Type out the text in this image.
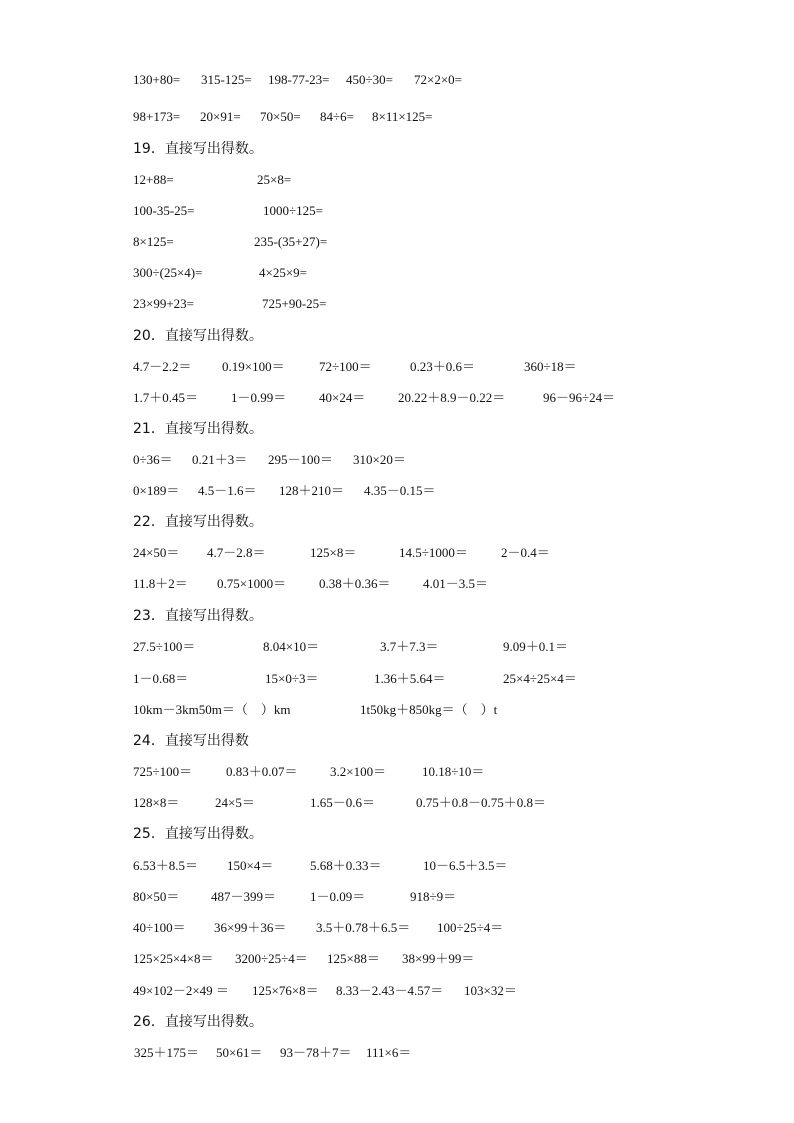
130+80= 315-125= 198-77-23= 450÷30= 72×2×0=
98+173= 20×91= 70×50= 84÷6= 8×11×125=
19．直接写出得数。
12+88=	25×8=
100-35-25=	1000÷125=
8×125=	235-(35+27)=
300÷(25×4)=	4×25×9=
23×99+23=	725+90-25=
20．直接写出得数。
4.7－2.2＝ 0.19×100＝	72÷100＝	0.23＋0.6＝	360÷18＝
1.7＋0.45＝	1－0.99＝	40×24＝	20.22＋8.9－0.22＝	96－96÷24＝
21．直接写出得数。
0÷36＝ 0.21＋3＝ 295－100＝ 310×20＝
0×189＝ 4.5－1.6＝ 128＋210＝ 4.35－0.15＝
22．直接写出得数。
24×50＝ 4.7－2.8＝	125×8＝	14.5÷1000＝	2－0.4＝
11.8＋2＝ 0.75×1000＝	0.38＋0.36＝ 4.01－3.5＝
23．直接写出得数。
27.5÷100＝	8.04×10＝	3.7＋7.3＝	9.09＋0.1＝
1－0.68＝	15×0÷3＝	1.36＋5.64＝	25×4÷25×4＝
10km－3km50m＝（    ）km	1t50kg＋850kg＝（    ）t
24．直接写出得数
725÷100＝	0.83＋0.07＝ 3.2×100＝	10.18÷10＝
128×8＝	24×5＝	1.65－0.6＝	0.75＋0.8－0.75＋0.8＝
25．直接写出得数。
6.53＋8.5＝ 150×4＝	5.68＋0.33＝	10－6.5＋3.5＝
80×50＝ 487－399＝	1－0.09＝	918÷9＝
40÷100＝ 36×99＋36＝ 3.5＋0.78＋6.5＝ 100÷25÷4＝
125×25×4×8＝ 3200÷25÷4＝ 125×88＝ 38×99＋99＝
49×102－2×49 ＝ 125×76×8＝ 8.33－2.43－4.57＝ 103×32＝
26．直接写出得数。
325＋175＝ 50×61＝ 93－78＋7＝ 111×6＝
